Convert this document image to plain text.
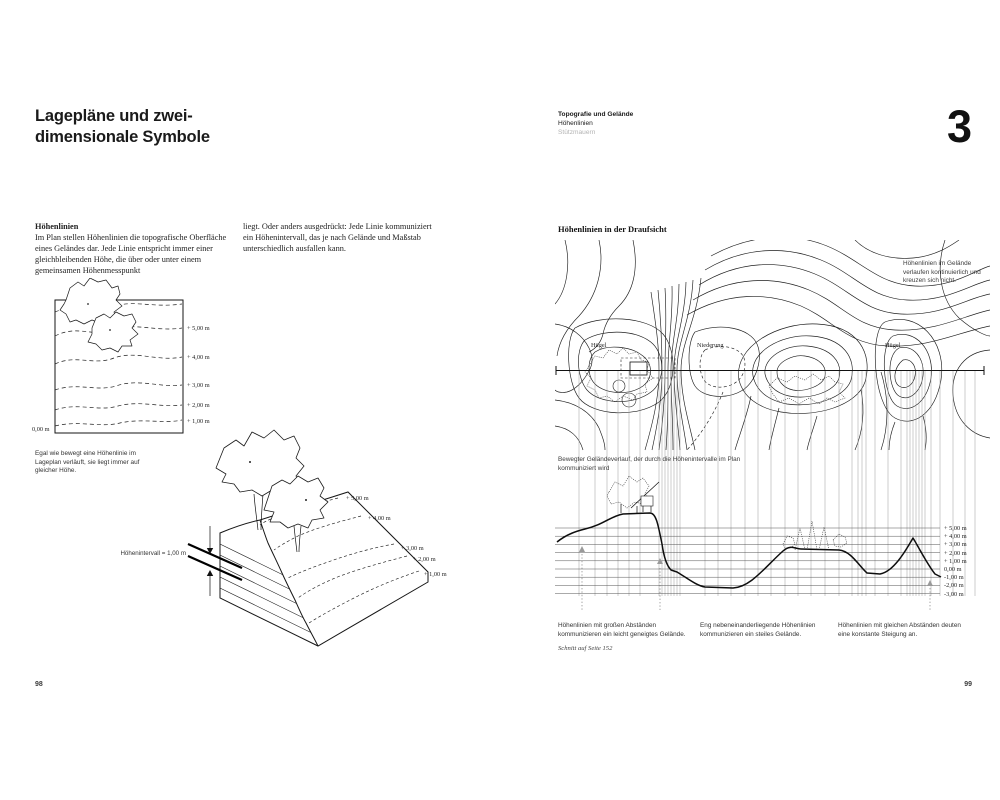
Lagepläne und zwei-
dimensionale Symbole
Höhenlinien
Im Plan stellen Höhenlinien die topografische Oberfläche eines Geländes dar. Jede Linie entspricht immer einer gleichbleibenden Höhe, die über oder unter einem gemeinsamen Höhenmesspunkt
liegt. Oder anders ausgedrückt: Jede Linie kommuniziert ein Höhenintervall, das je nach Gelände und Maßstab unterschiedlich ausfallen kann.
+ 5,00 m
+ 4,00 m
+ 3,00 m
+ 2,00 m
+ 1,00 m
0,00 m
Egal wie bewegt eine Höhenlinie im Lageplan verläuft, sie liegt immer auf gleicher Höhe.
Höhenintervall = 1,00 m
+ 5,00 m
+ 4,00 m
+ 3,00 m
+ 2,00 m
+ 1,00 m
98
Topografie und Gelände
Höhenlinien
Stützmauern	3
Höhenlinien in der Draufsicht
Hügel	Niederung	Hügel
+ 5,00 m
+ 4,00 m
+ 3,00 m
+ 2,00 m
+ 1,00 m
0,00 m
-1,00 m
-2,00 m
-3,00 m
Höhenlinien im Gelände verlaufen kontinuierlich und kreuzen sich nicht.
Bewegter Geländeverlauf, der durch die Höhenintervalle im Plan kommuniziert wird
Höhenlinien mit großen Abständen kommunizieren ein leicht geneigtes Gelände.
Schnitt auf Seite 152
Eng nebeneinanderliegende Höhenlinien kommunizieren ein steiles Gelände.
Höhenlinien mit gleichen Abständen deuten eine konstante Steigung an.
99
